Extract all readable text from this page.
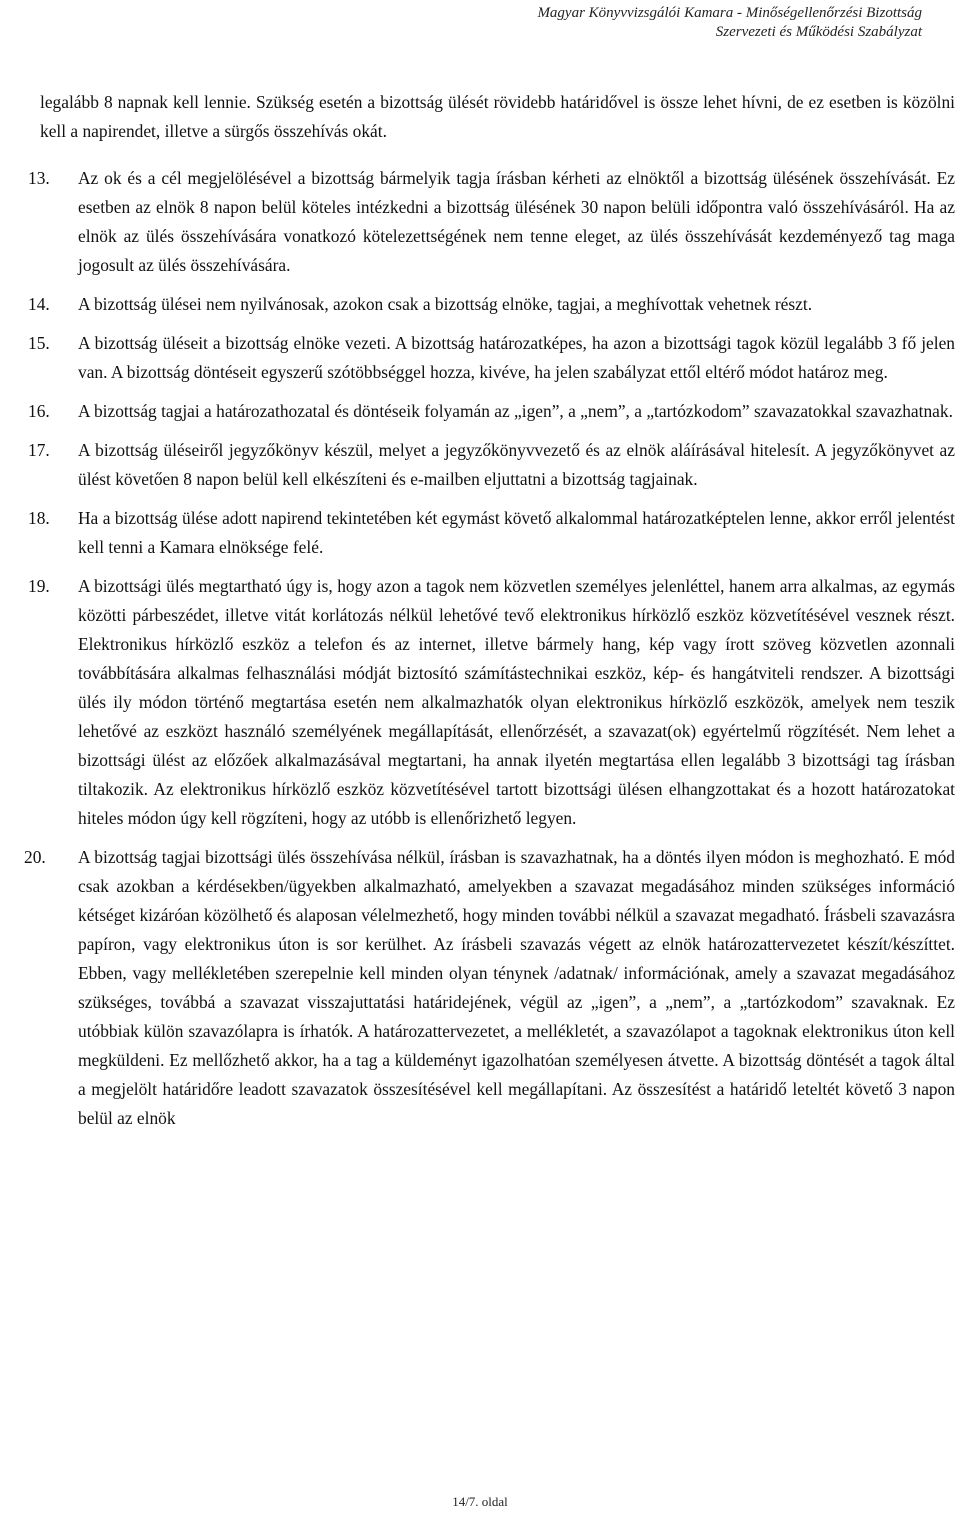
Magyar Könyvvizsgálói Kamara - Minőségellenőrzési Bizottság
Szervezeti és Működési Szabályzat

legalább 8 napnak kell lennie. Szükség esetén a bizottság ülését rövidebb határidővel is össze lehet hívni, de ez esetben is közölni kell a napirendet, illetve a sürgős összehívás okát.

13. Az ok és a cél megjelölésével a bizottság bármelyik tagja írásban kérheti az elnöktől a bizottság ülésének összehívását. Ez esetben az elnök 8 napon belül köteles intézkedni a bizottság ülésének 30 napon belüli időpontra való összehívásáról. Ha az elnök az ülés összehívására vonatkozó kötelezettségének nem tenne eleget, az ülés összehívását kezdeményező tag maga jogosult az ülés összehívására.

14. A bizottság ülései nem nyilvánosak, azokon csak a bizottság elnöke, tagjai, a meghívottak vehetnek részt.

15. A bizottság üléseit a bizottság elnöke vezeti. A bizottság határozatképes, ha azon a bizottsági tagok közül legalább 3 fő jelen van. A bizottság döntéseit egyszerű szótöbbséggel hozza, kivéve, ha jelen szabályzat ettől eltérő módot határoz meg.

16. A bizottság tagjai a határozathozatal és döntéseik folyamán az „igen”, a „nem”, a „tartózkodom” szavazatokkal szavazhatnak.

17. A bizottság üléseiről jegyzőkönyv készül, melyet a jegyzőkönyvvezető és az elnök aláírásával hitelesít. A jegyzőkönyvet az ülést követően 8 napon belül kell elkészíteni és e-mailben eljuttatni a bizottság tagjainak.

18. Ha a bizottság ülése adott napirend tekintetében két egymást követő alkalommal határozatképtelen lenne, akkor erről jelentést kell tenni a Kamara elnöksége felé.

19. A bizottsági ülés megtartható úgy is, hogy azon a tagok nem közvetlen személyes jelenléttel, hanem arra alkalmas, az egymás közötti párbeszédet, illetve vitát korlátozás nélkül lehetővé tevő elektronikus hírközlő eszköz közvetítésével vesznek részt. Elektronikus hírközlő eszköz a telefon és az internet, illetve bármely hang, kép vagy írott szöveg közvetlen azonnali továbbítására alkalmas felhasználási módját biztosító számítástechnikai eszköz, kép- és hangátviteli rendszer. A bizottsági ülés ily módon történő megtartása esetén nem alkalmazhatók olyan elektronikus hírközlő eszközök, amelyek nem teszik lehetővé az eszközt használó személyének megállapítását, ellenőrzését, a szavazat(ok) egyértelmű rögzítését. Nem lehet a bizottsági ülést az előzőek alkalmazásával megtartani, ha annak ilyetén megtartása ellen legalább 3 bizottsági tag írásban tiltakozik. Az elektronikus hírközlő eszköz közvetítésével tartott bizottsági ülésen elhangzottakat és a hozott határozatokat hiteles módon úgy kell rögzíteni, hogy az utóbb is ellenőrizhető legyen.

20. A bizottság tagjai bizottsági ülés összehívása nélkül, írásban is szavazhatnak, ha a döntés ilyen módon is meghozható. E mód csak azokban a kérdésekben/ügyekben alkalmazható, amelyekben a szavazat megadásához minden szükséges információ kétséget kizáróan közölhető és alaposan vélelmezhető, hogy minden további nélkül a szavazat megadható. Írásbeli szavazásra papíron, vagy elektronikus úton is sor kerülhet. Az írásbeli szavazás végett az elnök határozattervezetet készít/készíttet. Ebben, vagy mellékletében szerepelnie kell minden olyan ténynek /adatnak/ információnak, amely a szavazat megadásához szükséges, továbbá a szavazat visszajuttatási határidejének, végül az „igen”, a „nem”, a „tartózkodom” szavaknak. Ez utóbbiak külön szavazólapra is írhatók. A határozattervezetet, a mellékletét, a szavazólapot a tagoknak elektronikus úton kell megküldeni. Ez mellőzhető akkor, ha a tag a küldeményt igazolhatóan személyesen átvette. A bizottság döntését a tagok által a megjelölt határidőre leadott szavazatok összesítésével kell megállapítani. Az összesítést a határidő leteltét követő 3 napon belül az elnök

14/7. oldal
